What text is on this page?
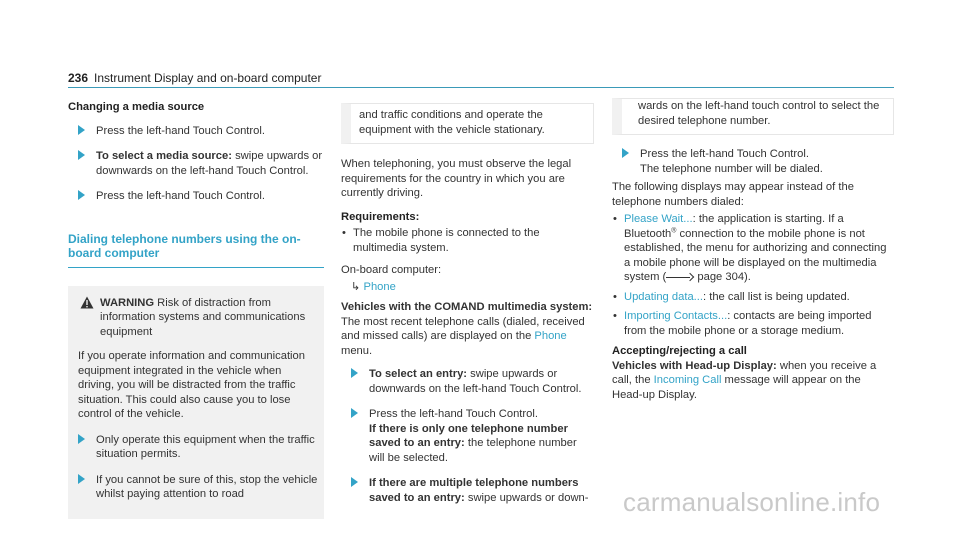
236 Instrument Display and on-board computer
Changing a media source
Press the left-hand Touch Control.
To select a media source: swipe upwards or downwards on the left-hand Touch Control.
Press the left-hand Touch Control.
Dialing telephone numbers using the on-board computer
WARNING Risk of distraction from information systems and communications equipment
If you operate information and communication equipment integrated in the vehicle when driving, you will be distracted from the traffic situation. This could also cause you to lose control of the vehicle.
Only operate this equipment when the traffic situation permits.
If you cannot be sure of this, stop the vehicle whilst paying attention to road
and traffic conditions and operate the equipment with the vehicle stationary.
When telephoning, you must observe the legal requirements for the country in which you are currently driving.
Requirements:
• The mobile phone is connected to the multimedia system.
On-board computer:
↳ Phone
Vehicles with the COMAND multimedia system: The most recent telephone calls (dialed, received and missed calls) are displayed on the Phone menu.
To select an entry: swipe upwards or downwards on the left-hand Touch Control.
Press the left-hand Touch Control.
If there is only one telephone number saved to an entry: the telephone number will be selected.
If there are multiple telephone numbers saved to an entry: swipe upwards or down-
wards on the left-hand touch control to select the desired telephone number.
Press the left-hand Touch Control.
The telephone number will be dialed.
The following displays may appear instead of the telephone numbers dialed:
• Please Wait...: the application is starting. If a Bluetooth® connection to the mobile phone is not established, the menu for authorizing and connecting a mobile phone will be displayed on the multimedia system (	page 304).
• Updating data...: the call list is being updated.
• Importing Contacts...: contacts are being imported from the mobile phone or a storage medium.
Accepting/rejecting a call
Vehicles with Head-up Display: when you receive a call, the Incoming Call message will appear on the Head-up Display.
carmanualsonline.info
